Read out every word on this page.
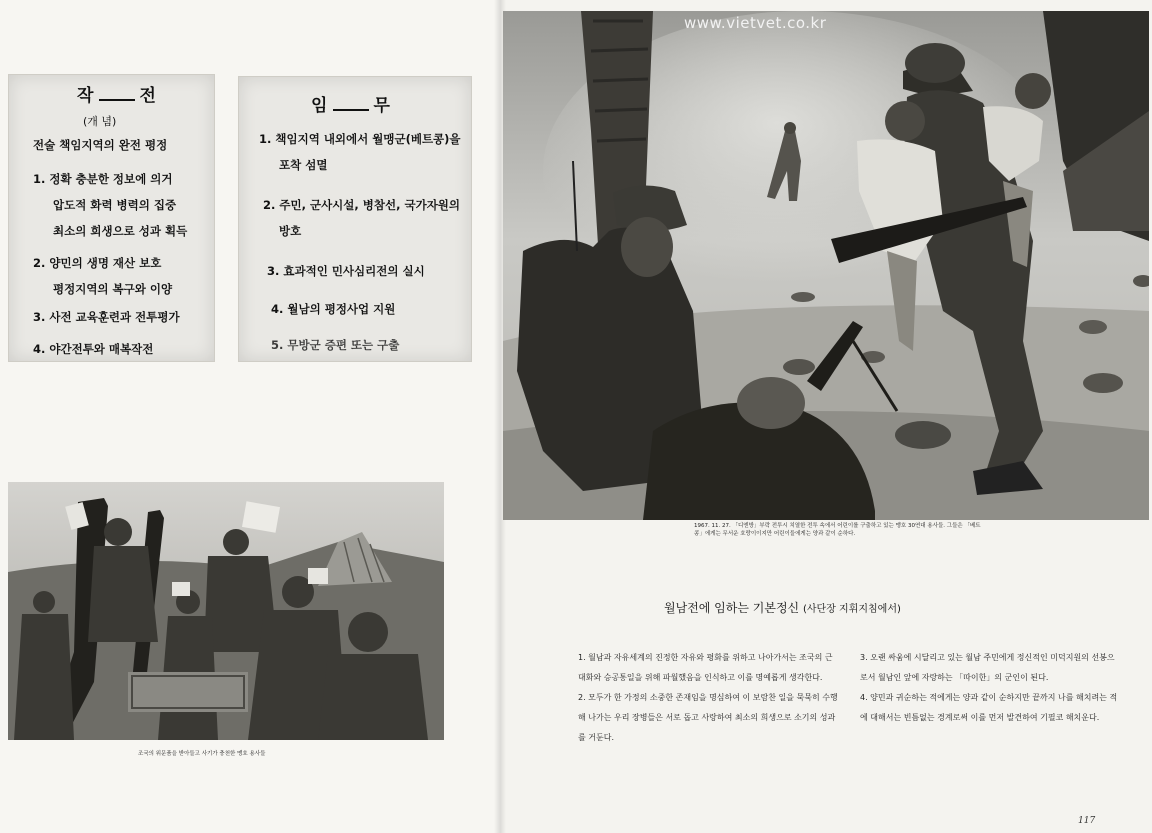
작	전
(개 념)
전술 책임지역의 완전 평정
1. 정확 충분한 정보에 의거
압도적 화력 병력의 집중
최소의 희생으로 성과 획득
2. 양민의 생명 재산 보호
평정지역의 복구와 이양
3. 사전 교육훈련과 전투평가
4. 야간전투와 매복작전
임	무
1. 책임지역 내외에서 월맹군(베트콩)을
포착 섬멸
2. 주민, 군사시설, 병참선, 국가자원의
방호
3. 효과적인 민사심리전의 실시
4. 월남의 평정사업 지원
5. 무방군 증편 또는 구출
www.vietvet.co.kr
1967. 11. 27. 「디엔방」부락 전투시 치열한 전투 속에서 어린이를 구출하고 있는 맹호 30연대 용사들. 그들은 「베트콩」에게는 무서운 호랑이이지만 어린이들에게는 양과 같이 순하다.
조국의 위문품을 받아들고 사기가 충천한 맹호 용사들
월남전에 임하는 기본정신 (사단장 지휘지침에서)
1. 월남과 자유세계의 진정한 자유와 평화를 위하고 나아가서는 조국의 근대화와 승공통일을 위해 파월했음을 인식하고 이를 명예롭게 생각한다.
2. 모두가 한 가정의 소중한 존재임을 명심하여 이 보람찬 일을 묵묵히 수행해 나가는 우리 장병들은 서로 돕고 사랑하여 최소의 희생으로 소기의 성과를 거둔다.
3. 오랜 싸움에 시달리고 있는 월남 주민에게 정신적인 미덕지원의 선봉으로서 월남인 앞에 자랑하는 「따이한」의 군인이 된다.
4. 양민과 귀순하는 적에게는 양과 같이 순하지만 끝까지 나를 해치려는 적에 대해서는 빈틈없는 경계로써 이를 먼저 발견하여 기필코 해치운다.
117
